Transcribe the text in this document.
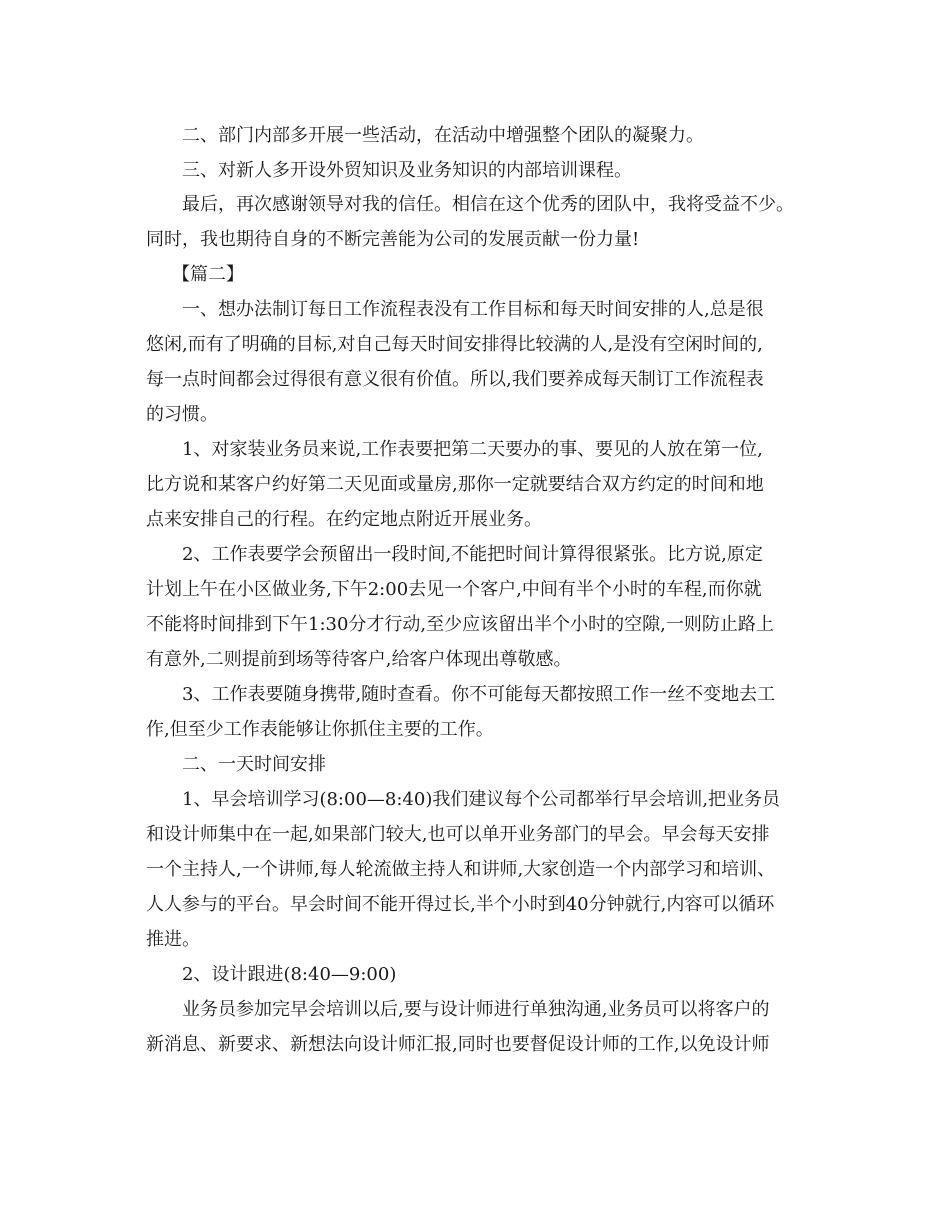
二、部门内部多开展一些活动，在活动中增强整个团队的凝聚力。
三、对新人多开设外贸知识及业务知识的内部培训课程。
最后，再次感谢领导对我的信任。相信在这个优秀的团队中，我将受益不少。
同时，我也期待自身的不断完善能为公司的发展贡献一份力量!
【篇二】
一、想办法制订每日工作流程表没有工作目标和每天时间安排的人,总是很
悠闲,而有了明确的目标,对自己每天时间安排得比较满的人,是没有空闲时间的,
每一点时间都会过得很有意义很有价值。所以,我们要养成每天制订工作流程表
的习惯。
1、对家装业务员来说,工作表要把第二天要办的事、要见的人放在第一位,
比方说和某客户约好第二天见面或量房,那你一定就要结合双方约定的时间和地
点来安排自己的行程。在约定地点附近开展业务。
2、工作表要学会预留出一段时间,不能把时间计算得很紧张。比方说,原定
计划上午在小区做业务,下午2:00去见一个客户,中间有半个小时的车程,而你就
不能将时间排到下午1:30分才行动,至少应该留出半个小时的空隙,一则防止路上
有意外,二则提前到场等待客户,给客户体现出尊敬感。
3、工作表要随身携带,随时查看。你不可能每天都按照工作一丝不变地去工
作,但至少工作表能够让你抓住主要的工作。
二、一天时间安排
1、早会培训学习(8:00—8:40)我们建议每个公司都举行早会培训,把业务员
和设计师集中在一起,如果部门较大,也可以单开业务部门的早会。早会每天安排
一个主持人,一个讲师,每人轮流做主持人和讲师,大家创造一个内部学习和培训、
人人参与的平台。早会时间不能开得过长,半个小时到40分钟就行,内容可以循环
推进。
2、设计跟进(8:40—9:00)
业务员参加完早会培训以后,要与设计师进行单独沟通,业务员可以将客户的
新消息、新要求、新想法向设计师汇报,同时也要督促设计师的工作,以免设计师
